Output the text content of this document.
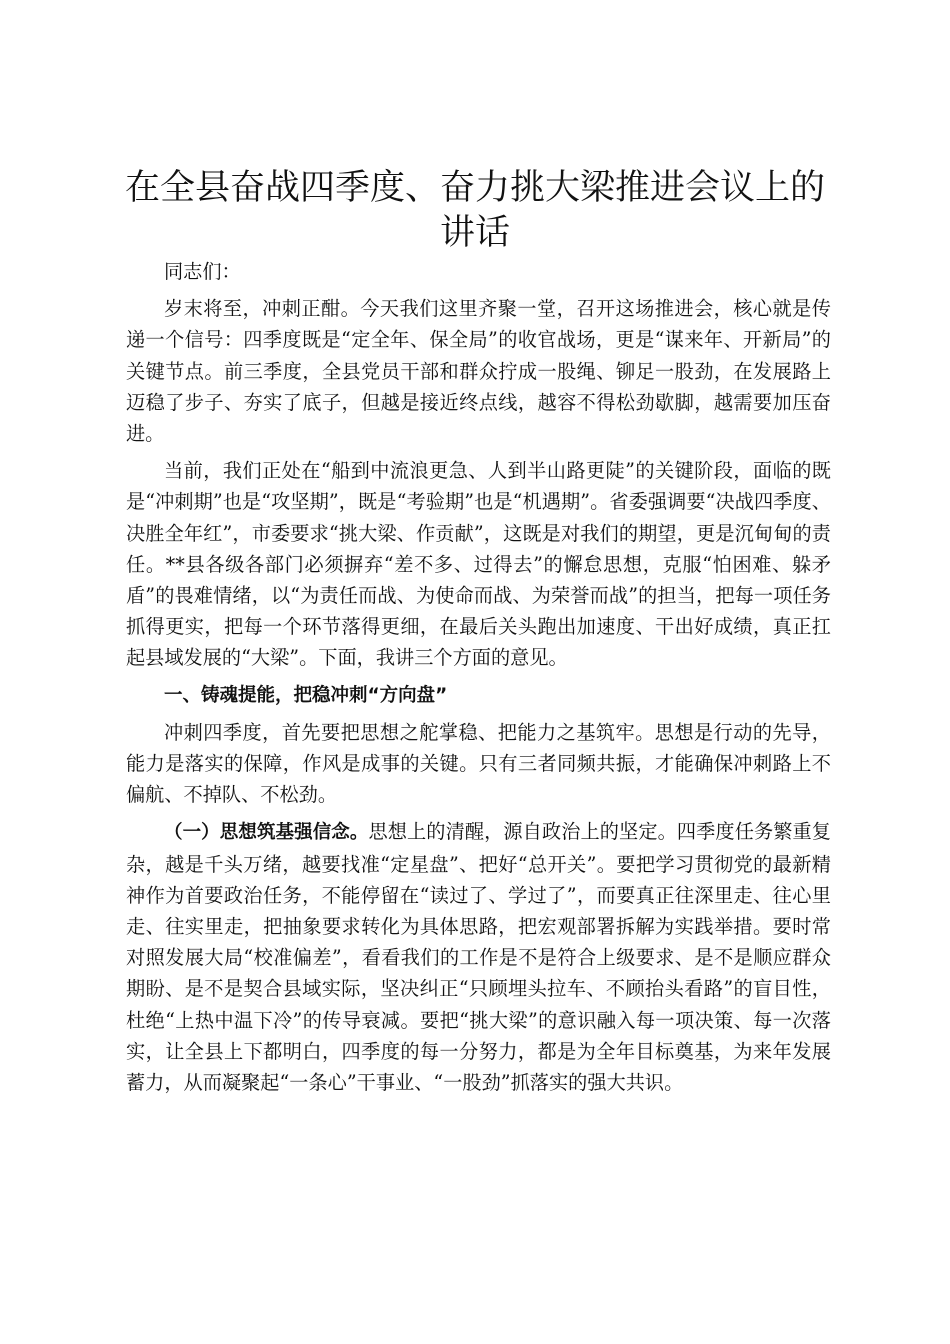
在全县奋战四季度、奋力挑大梁推进会议上的讲话

同志们：

岁末将至，冲刺正酣。今天我们这里齐聚一堂，召开这场推进会，核心就是传递一个信号：四季度既是“定全年、保全局”的收官战场，更是“谋来年、开新局”的关键节点。前三季度，全县党员干部和群众拧成一股绳、铆足一股劲，在发展路上迈稳了步子、夯实了底子，但越是接近终点线，越容不得松劲歇脚，越需要加压奋进。

当前，我们正处在“船到中流浪更急、人到半山路更陡”的关键阶段，面临的既是“冲刺期”也是“攻坚期”，既是“考验期”也是“机遇期”。省委强调要“决战四季度、决胜全年红”，市委要求“挑大梁、作贡献”，这既是对我们的期望，更是沉甸甸的责任。**县各级各部门必须摒弃“差不多、过得去”的懈怠思想，克服“怕困难、躲矛盾”的畏难情绪，以“为责任而战、为使命而战、为荣誉而战”的担当，把每一项任务抓得更实，把每一个环节落得更细，在最后关头跑出加速度、干出好成绩，真正扛起县域发展的“大梁”。下面，我讲三个方面的意见。

一、铸魂提能，把稳冲刺“方向盘”

冲刺四季度，首先要把思想之舵掌稳、把能力之基筑牢。思想是行动的先导，能力是落实的保障，作风是成事的关键。只有三者同频共振，才能确保冲刺路上不偏航、不掉队、不松劲。

（一）思想筑基强信念。思想上的清醒，源自政治上的坚定。四季度任务繁重复杂，越是千头万绪，越要找准“定星盘”、把好“总开关”。要把学习贯彻党的最新精神作为首要政治任务，不能停留在“读过了、学过了”，而要真正往深里走、往心里走、往实里走，把抽象要求转化为具体思路，把宏观部署拆解为实践举措。要时常对照发展大局“校准偏差”，看看我们的工作是不是符合上级要求、是不是顺应群众期盼、是不是契合县域实际，坚决纠正“只顾埋头拉车、不顾抬头看路”的盲目性，杜绝“上热中温下冷”的传导衰减。要把“挑大梁”的意识融入每一项决策、每一次落实，让全县上下都明白，四季度的每一分努力，都是为全年目标奠基，为来年发展蓄力，从而凝聚起“一条心”干事业、“一股劲”抓落实的强大共识。
